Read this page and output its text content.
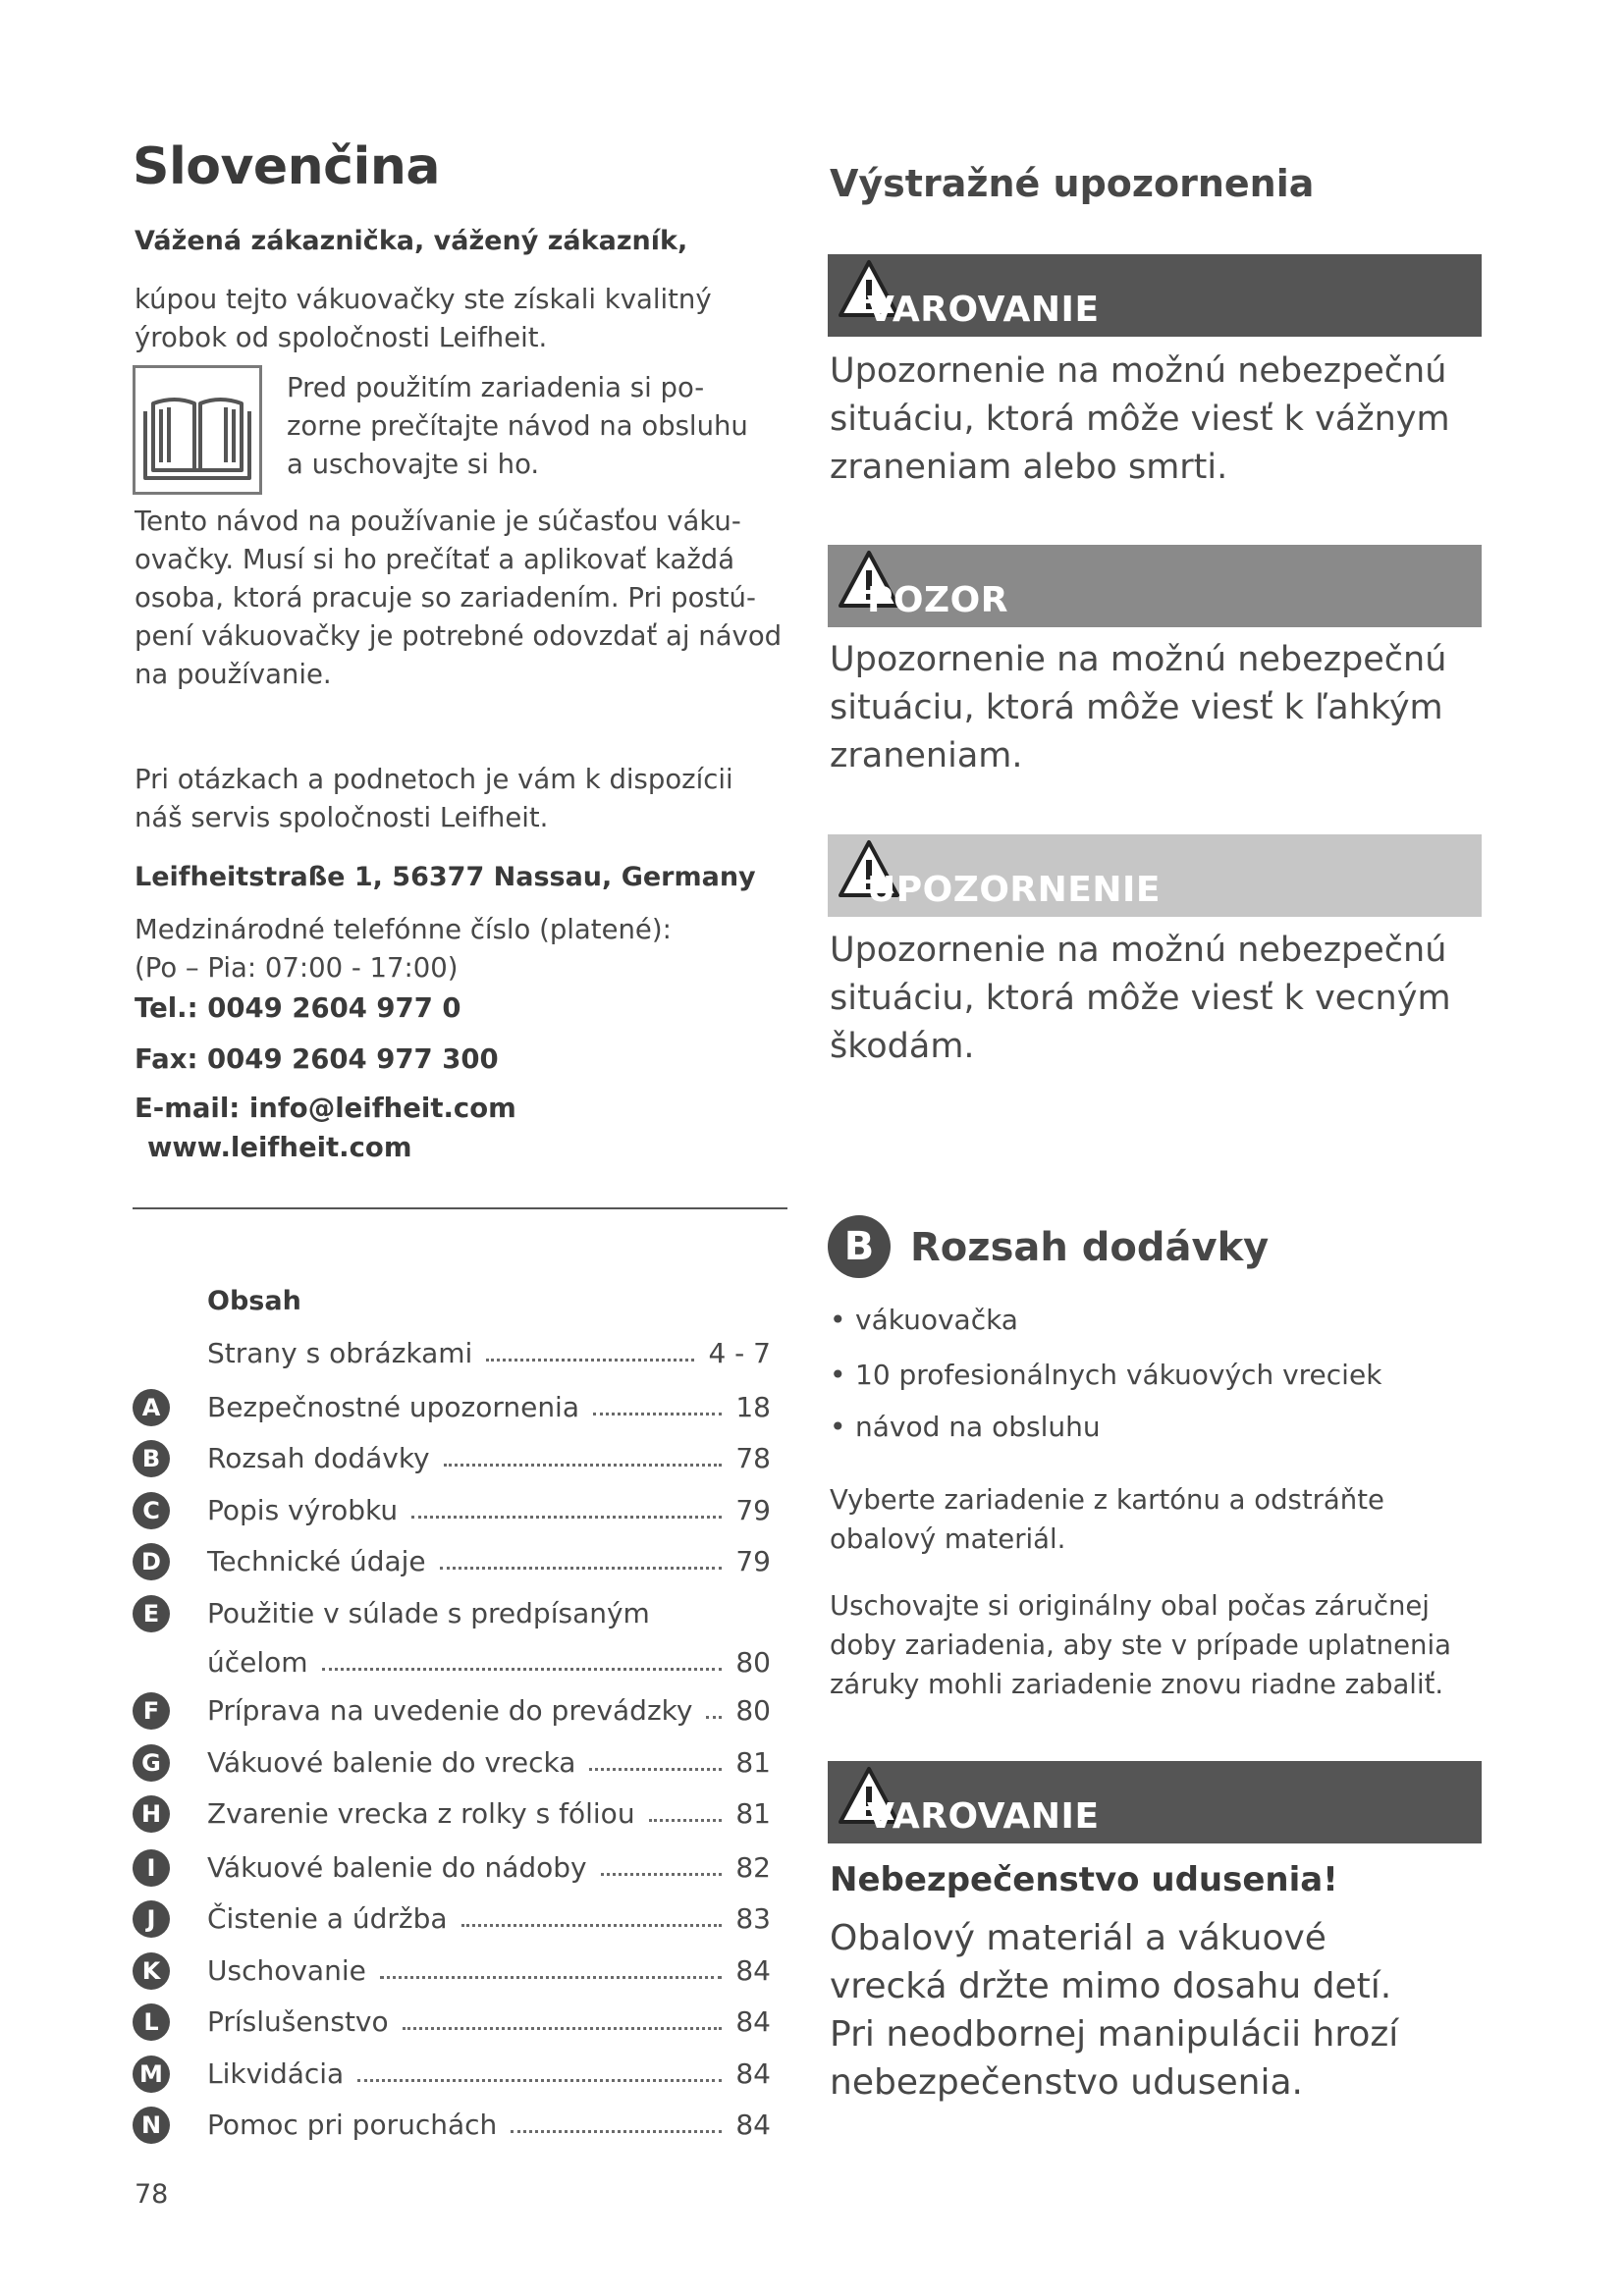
Slovenčina
Vážená zákaznička, vážený zákazník,
kúpou tejto vákuovačky ste získali kvalitný
ýrobok od spoločnosti Leifheit.
Pred použitím zariadenia si po-
zorne prečítajte návod na obsluhu
a uschovajte si ho.
Tento návod na používanie je súčasťou váku-
ovačky. Musí si ho prečítať a aplikovať každá
osoba, ktorá pracuje so zariadením. Pri postú-
pení vákuovačky je potrebné odovzdať aj návod
na používanie.
Pri otázkach a podnetoch je vám k dispozícii
náš servis spoločnosti Leifheit.
Leifheitstraße 1, 56377 Nassau, Germany
Medzinárodné telefónne číslo (platené):
(Po – Pia: 07:00 - 17:00)
Tel.: 0049 2604 977 0
Fax: 0049 2604 977 300
E-mail: info@leifheit.com
www.leifheit.com
Obsah
Strany s obrázkami	4 - 7
A	Bezpečnostné upozornenia	18
B	Rozsah dodávky	78
C	Popis výrobku	79
D	Technické údaje	79
E	Použitie v súlade s predpísaným
účelom	80
F	Príprava na uvedenie do prevádzky 80
G	Vákuové balenie do vrecka	81
H	Zvarenie vrecka z rolky s fóliou	81
I	Vákuové balenie do nádoby	82
J	Čistenie a údržba	83
K	Uschovanie	84
L	Príslušenstvo	84
M Likvidácia	84
N	Pomoc pri poruchách	84
78
Výstražné upozornenia
VAROVANIE
Upozornenie na možnú nebezpečnú
situáciu, ktorá môže viesť k vážnym
zraneniam alebo smrti.
POZOR
Upozornenie na možnú nebezpečnú
situáciu, ktorá môže viesť k ľahkým
zraneniam.
UPOZORNENIE
Upozornenie na možnú nebezpečnú
situáciu, ktorá môže viesť k vecným
škodám.
B Rozsah dodávky
• vákuovačka
• 10 profesionálnych vákuových vreciek
• návod na obsluhu
Vyberte zariadenie z kartónu a odstráňte
obalový materiál.
Uschovajte si originálny obal počas záručnej
doby zariadenia, aby ste v prípade uplatnenia
záruky mohli zariadenie znovu riadne zabaliť.
VAROVANIE
Nebezpečenstvo udusenia!
Obalový materiál a vákuové
vrecká držte mimo dosahu detí.
Pri neodbornej manipulácii hrozí
nebezpečenstvo udusenia.
